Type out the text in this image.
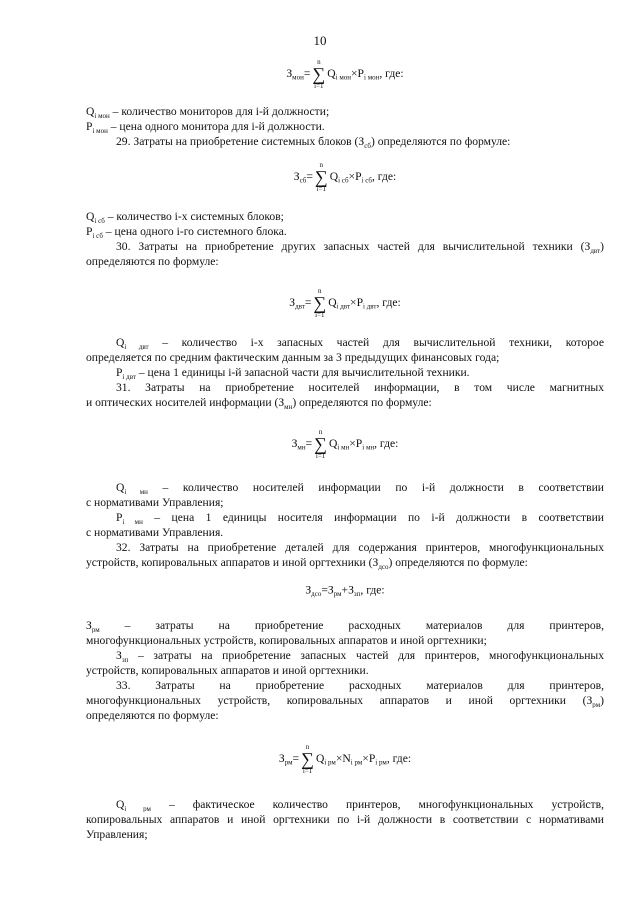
10
$З_{мон}=$
n
∑
i=1
$Q_{i мон}\times P_{i мон}$, где:

$Q_{i мон}$ – количество мониторов для i-й должности;

$P_{i мон}$ – цена одного монитора для i-й должности.

29. Затраты на приобретение системных блоков $(З_{сб})$ определяются по формуле:

$З_{сб}=$
n
∑
i=1
$Q_{i сб}\times P_{i сб}$, где:

$Q_{i сб}$ – количество i-х системных блоков;

$P_{i сб}$ – цена одного i-го системного блока.

30. Затраты на приобретение других запасных частей для вычислительной техники $(З_{двт})$

определяются по формуле:

$З_{двт}=$
n
∑
i=1
$Q_{i двт}\times P_{i двт}$, где:

$Q_{i двт}$ – количество i-х запасных частей для вычислительной техники, которое

определяется по средним фактическим данным за 3 предыдущих финансовых года;

$P_{i двт}$ – цена 1 единицы i-й запасной части для вычислительной техники.

31. Затраты на приобретение носителей информации, в том числе магнитных

и оптических носителей информации $(З_{мн})$ определяются по формуле:

$З_{мн}=$
n
∑
i=1
$Q_{i мн}\times P_{i мн}$, где:

$Q_{i мн}$ – количество носителей информации по i-й должности в соответствии

с нормативами Управления;

$P_{i мн}$ – цена 1 единицы носителя информации по i-й должности в соответствии

с нормативами Управления.

32. Затраты на приобретение деталей для содержания принтеров, многофункциональных

устройств, копировальных аппаратов и иной оргтехники $(З_{дсо})$ определяются по формуле:

$З_{дсо}=З_{рм}+З_{зп}$, где:

$З_{рм}$ – затраты на приобретение расходных материалов для принтеров,

многофункциональных устройств, копировальных аппаратов и иной оргтехники;

$З_{зп}$ – затраты на приобретение запасных частей для принтеров, многофункциональных

устройств, копировальных аппаратов и иной оргтехники.

33. Затраты на приобретение расходных материалов для принтеров,

многофункциональных устройств, копировальных аппаратов и иной оргтехники $(З_{рм})$

определяются по формуле:

$З_{рм}=$
n
∑
i=1
$Q_{i рм}\times N_{i рм}\times P_{i рм}$, где:

$Q_{i рм}$ – фактическое количество принтеров, многофункциональных устройств,

копировальных аппаратов и иной оргтехники по i-й должности в соответствии с нормативами

Управления;
